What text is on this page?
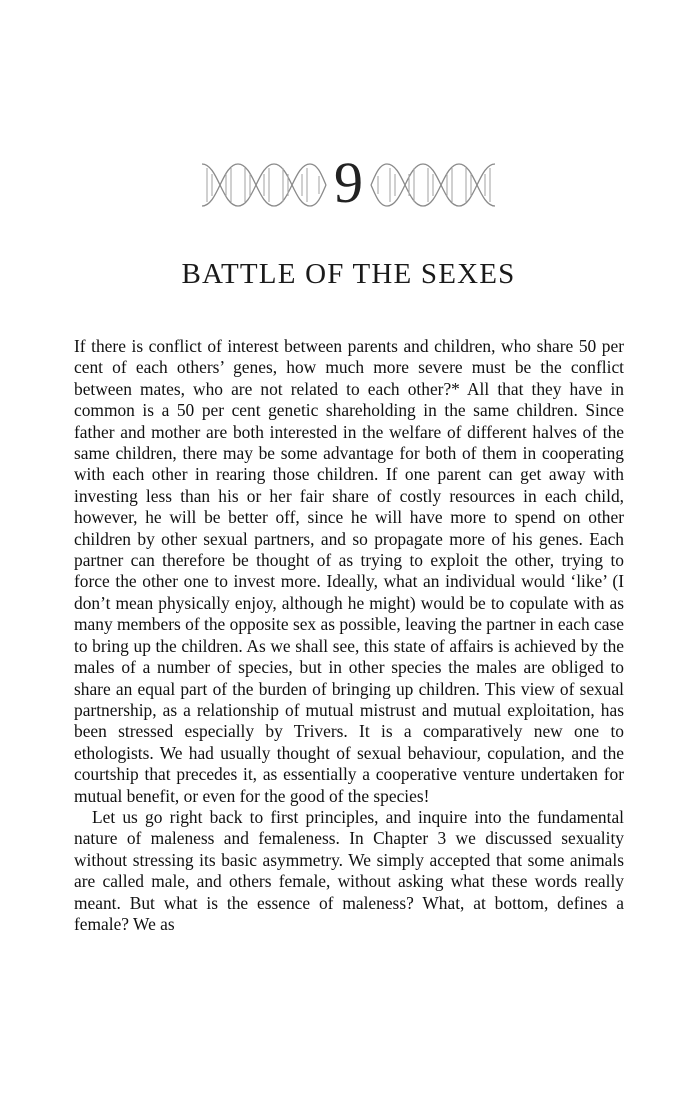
9
BATTLE OF THE SEXES

If there is conflict of interest between parents and children, who share 50 per cent of each others’ genes, how much more severe must be the conflict between mates, who are not related to each other?* All that they have in common is a 50 per cent genetic shareholding in the same children. Since father and mother are both interested in the welfare of different halves of the same children, there may be some advantage for both of them in cooperating with each other in rearing those children. If one parent can get away with investing less than his or her fair share of costly resources in each child, however, he will be better off, since he will have more to spend on other children by other sexual partners, and so propagate more of his genes. Each partner can therefore be thought of as trying to exploit the other, trying to force the other one to invest more. Ideally, what an individual would ‘like’ (I don’t mean physically enjoy, although he might) would be to copulate with as many members of the opposite sex as possible, leaving the partner in each case to bring up the children. As we shall see, this state of affairs is achieved by the males of a number of species, but in other species the males are obliged to share an equal part of the burden of bringing up children. This view of sexual partnership, as a relationship of mutual mistrust and mutual exploitation, has been stressed especially by Trivers. It is a comparatively new one to ethologists. We had usually thought of sexual behaviour, copulation, and the courtship that precedes it, as essentially a cooperative venture undertaken for mutual benefit, or even for the good of the species!

Let us go right back to first principles, and inquire into the fundamental nature of maleness and femaleness. In Chapter 3 we discussed sexuality without stressing its basic asymmetry. We simply accepted that some animals are called male, and others female, without asking what these words really meant. But what is the essence of maleness? What, at bottom, defines a female? We as
